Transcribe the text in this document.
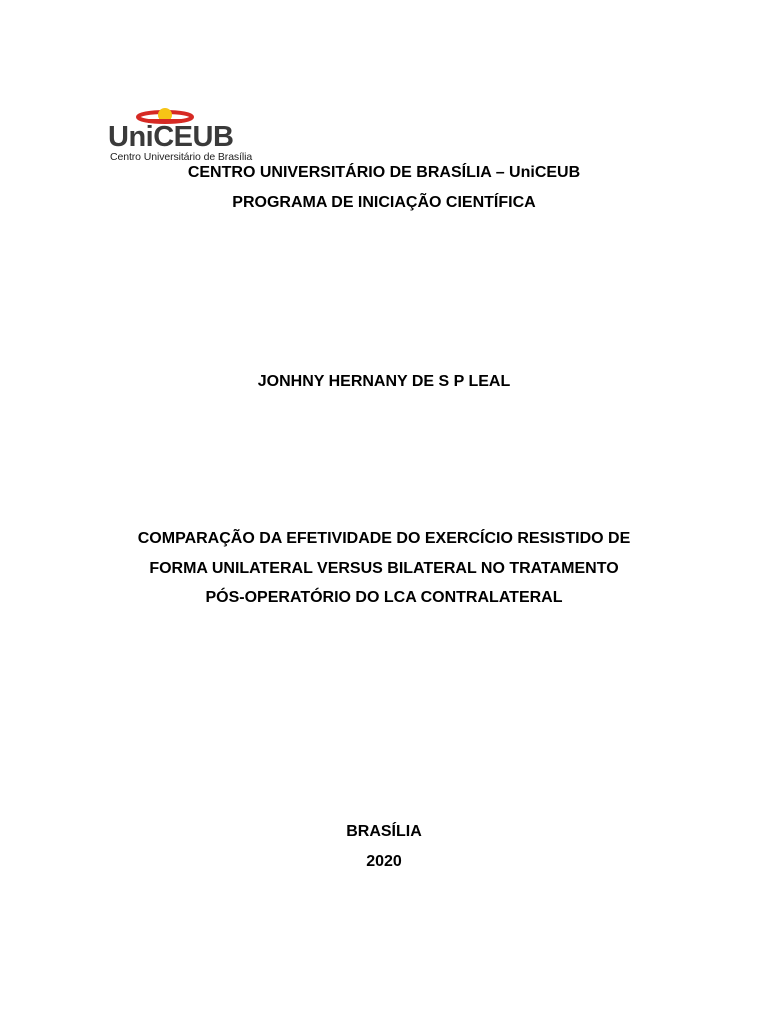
UniCEUB
Centro Universitário de Brasília
CENTRO UNIVERSITÁRIO DE BRASÍLIA – UniCEUB
PROGRAMA DE INICIAÇÃO CIENTÍFICA
JONHNY HERNANY DE S P LEAL
COMPARAÇÃO DA EFETIVIDADE DO EXERCÍCIO RESISTIDO DE
FORMA UNILATERAL VERSUS BILATERAL NO TRATAMENTO
PÓS-OPERATÓRIO DO LCA CONTRALATERAL
BRASÍLIA
2020
